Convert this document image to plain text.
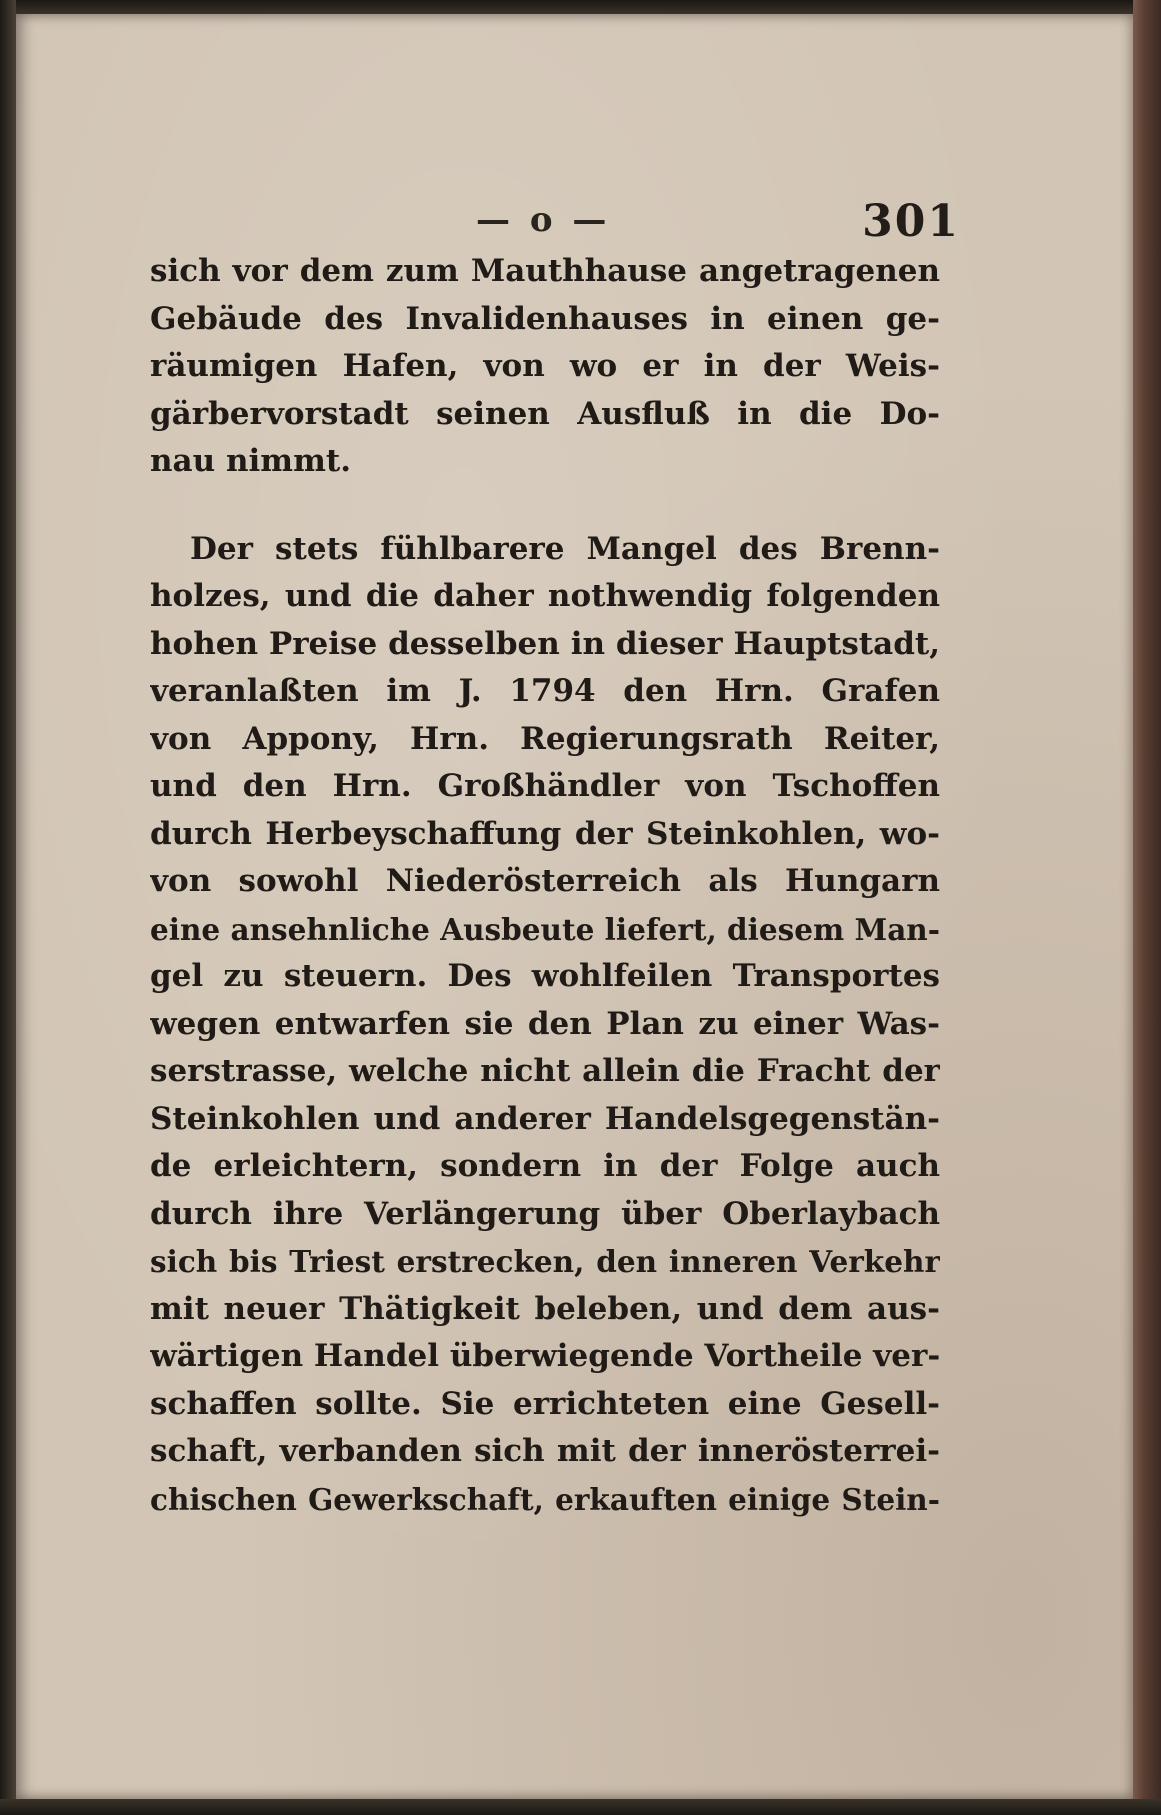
— o —	301
sich vor dem zum Mauthhause angetragenen
Gebäude des Invalidenhauses in einen ge-
räumigen Hafen, von wo er in der Weis-
gärbervorstadt seinen Ausfluß in die Do-
nau nimmt.
Der stets fühlbarere Mangel des Brenn-
holzes, und die daher nothwendig folgenden
hohen Preise desselben in dieser Hauptstadt,
veranlaßten im J. 1794 den Hrn. Grafen
von Appony, Hrn. Regierungsrath Reiter,
und den Hrn. Großhändler von Tschoffen
durch Herbeyschaffung der Steinkohlen, wo-
von sowohl Niederösterreich als Hungarn
eine ansehnliche Ausbeute liefert, diesem Man-
gel zu steuern. Des wohlfeilen Transportes
wegen entwarfen sie den Plan zu einer Was-
serstrasse, welche nicht allein die Fracht der
Steinkohlen und anderer Handelsgegenstän-
de erleichtern, sondern in der Folge auch
durch ihre Verlängerung über Oberlaybach
sich bis Triest erstrecken, den inneren Verkehr
mit neuer Thätigkeit beleben, und dem aus-
wärtigen Handel überwiegende Vortheile ver-
schaffen sollte. Sie errichteten eine Gesell-
schaft, verbanden sich mit der innerösterrei-
chischen Gewerkschaft, erkauften einige Stein-
